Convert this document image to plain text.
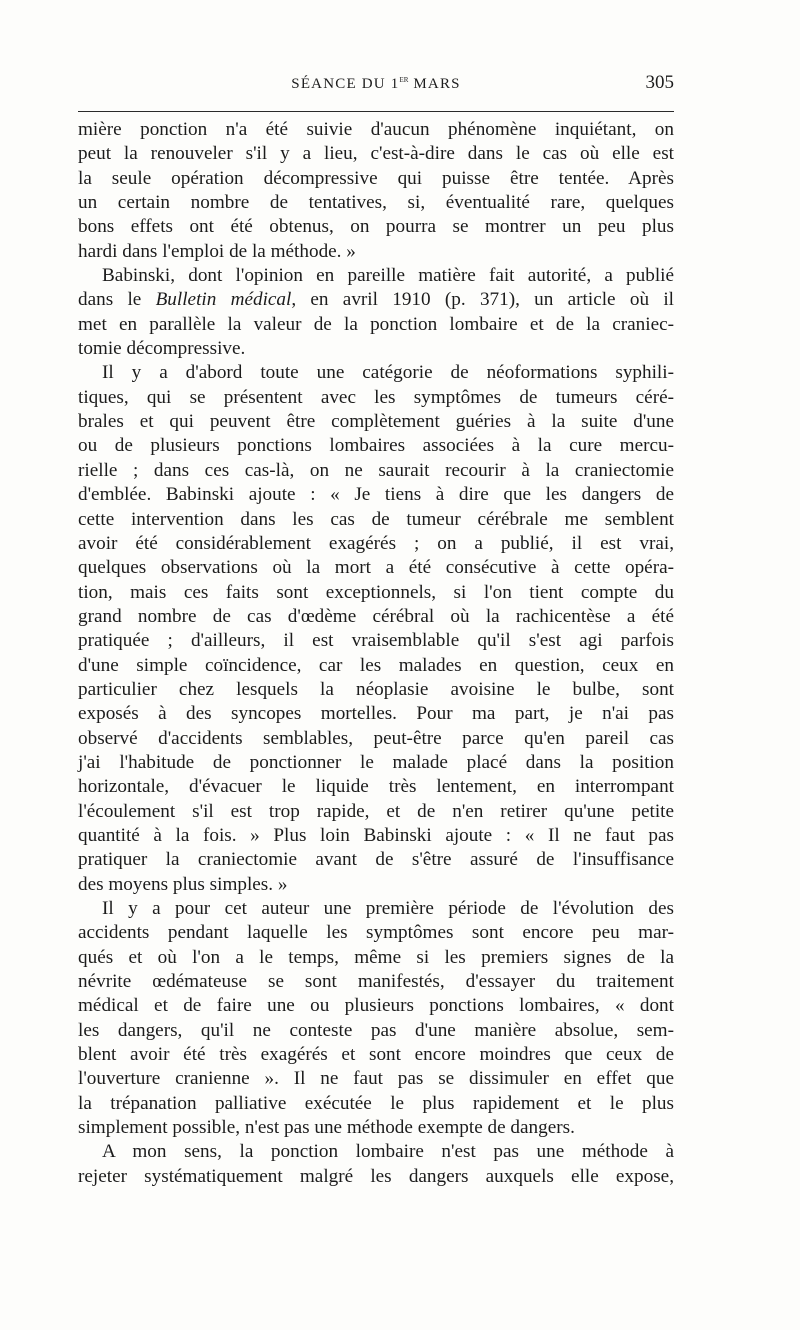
SÉANCE DU 1er MARS	305
mière ponction n'a été suivie d'aucun phénomène inquiétant, on
peut la renouveler s'il y a lieu, c'est-à-dire dans le cas où elle est
la seule opération décompressive qui puisse être tentée. Après
un certain nombre de tentatives, si, éventualité rare, quelques
bons effets ont été obtenus, on pourra se montrer un peu plus
hardi dans l'emploi de la méthode. »
Babinski, dont l'opinion en pareille matière fait autorité, a publié
dans le Bulletin médical, en avril 1910 (p. 371), un article où il
met en parallèle la valeur de la ponction lombaire et de la craniec-
tomie décompressive.
Il y a d'abord toute une catégorie de néoformations syphili-
tiques, qui se présentent avec les symptômes de tumeurs céré-
brales et qui peuvent être complètement guéries à la suite d'une
ou de plusieurs ponctions lombaires associées à la cure mercu-
rielle ; dans ces cas-là, on ne saurait recourir à la craniectomie
d'emblée. Babinski ajoute : « Je tiens à dire que les dangers de
cette intervention dans les cas de tumeur cérébrale me semblent
avoir été considérablement exagérés ; on a publié, il est vrai,
quelques observations où la mort a été consécutive à cette opéra-
tion, mais ces faits sont exceptionnels, si l'on tient compte du
grand nombre de cas d'œdème cérébral où la rachicentèse a été
pratiquée ; d'ailleurs, il est vraisemblable qu'il s'est agi parfois
d'une simple coïncidence, car les malades en question, ceux en
particulier chez lesquels la néoplasie avoisine le bulbe, sont
exposés à des syncopes mortelles. Pour ma part, je n'ai pas
observé d'accidents semblables, peut-être parce qu'en pareil cas
j'ai l'habitude de ponctionner le malade placé dans la position
horizontale, d'évacuer le liquide très lentement, en interrompant
l'écoulement s'il est trop rapide, et de n'en retirer qu'une petite
quantité à la fois. » Plus loin Babinski ajoute : « Il ne faut pas
pratiquer la craniectomie avant de s'être assuré de l'insuffisance
des moyens plus simples. »
Il y a pour cet auteur une première période de l'évolution des
accidents pendant laquelle les symptômes sont encore peu mar-
qués et où l'on a le temps, même si les premiers signes de la
névrite œdémateuse se sont manifestés, d'essayer du traitement
médical et de faire une ou plusieurs ponctions lombaires, « dont
les dangers, qu'il ne conteste pas d'une manière absolue, sem-
blent avoir été très exagérés et sont encore moindres que ceux de
l'ouverture cranienne ». Il ne faut pas se dissimuler en effet que
la trépanation palliative exécutée le plus rapidement et le plus
simplement possible, n'est pas une méthode exempte de dangers.
A mon sens, la ponction lombaire n'est pas une méthode à
rejeter systématiquement malgré les dangers auxquels elle expose,
